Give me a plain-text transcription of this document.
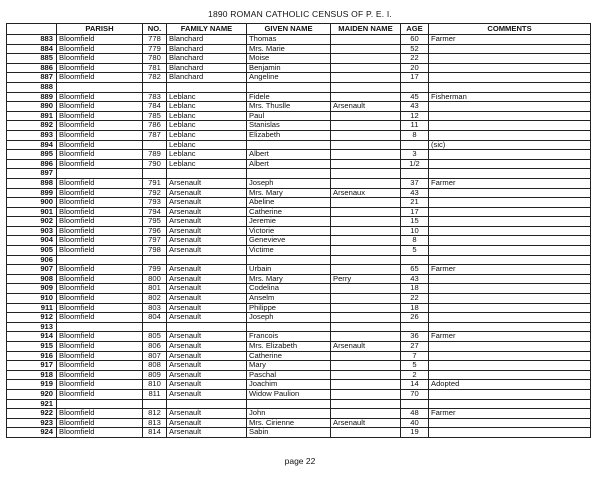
1890 ROMAN CATHOLIC CENSUS OF P. E. I.
	PARISH	NO.	FAMILY NAME	GIVEN NAME	MAIDEN NAME	AGE	COMMENTS
883	Bloomfield	778	Blanchard	Thomas		60	Farmer
884	Bloomfield	779	Blanchard	Mrs. Marie		52	
885	Bloomfield	780	Blanchard	Moise		22	
886	Bloomfield	781	Blanchard	Benjamin		20	
887	Bloomfield	782	Blanchard	Angeline		17	
888							
889	Bloomfield	783	Leblanc	Fidele		45	Fisherman
890	Bloomfield	784	Leblanc	Mrs. Thuslle	Arsenault	43	
891	Bloomfield	785	Leblanc	Paul		12	
892	Bloomfield	786	Leblanc	Stanislas		11	
893	Bloomfield	787	Leblanc	Elizabeth		8	
894	Bloomfield		Leblanc				(sic)
895	Bloomfield	789	Leblanc	Albert		3	
896	Bloomfield	790	Leblanc	Albert		1/2	
897							
898	Bloomfield	791	Arsenault	Joseph		37	Farmer
899	Bloomfield	792	Arsenault	Mrs. Mary	Arsenaux	43	
900	Bloomfield	793	Arsenault	Abeline		21	
901	Bloomfield	794	Arsenault	Catherine		17	
902	Bloomfield	795	Arsenault	Jeremie		15	
903	Bloomfield	796	Arsenault	Victorie		10	
904	Bloomfield	797	Arsenault	Genevieve		8	
905	Bloomfield	798	Arsenault	Victime		5	
906							
907	Bloomfield	799	Arsenault	Urbain		65	Farmer
908	Bloomfield	800	Arsenault	Mrs. Mary	Perry	43	
909	Bloomfield	801	Arsenault	Codelina		18	
910	Bloomfield	802	Arsenault	Anselm		22	
911	Bloomfield	803	Arsenault	Philippe		18	
912	Bloomfield	804	Arsenault	Joseph		26	
913							
914	Bloomfield	805	Arsenault	Francois		36	Farmer
915	Bloomfield	806	Arsenault	Mrs. Elizabeth	Arsenault	27	
916	Bloomfield	807	Arsenault	Catherine		7	
917	Bloomfield	808	Arsenault	Mary		5	
918	Bloomfield	809	Arsenault	Paschal		2	
919	Bloomfield	810	Arsenault	Joachim		14	Adopted
920	Bloomfield	811	Arsenault	Widow Paulion		70	
921							
922	Bloomfield	812	Arsenault	John		48	Farmer
923	Bloomfield	813	Arsenault	Mrs. Cirienne	Arsenault	40	
924	Bloomfield	814	Arsenault	Sabin		19	
page 22
